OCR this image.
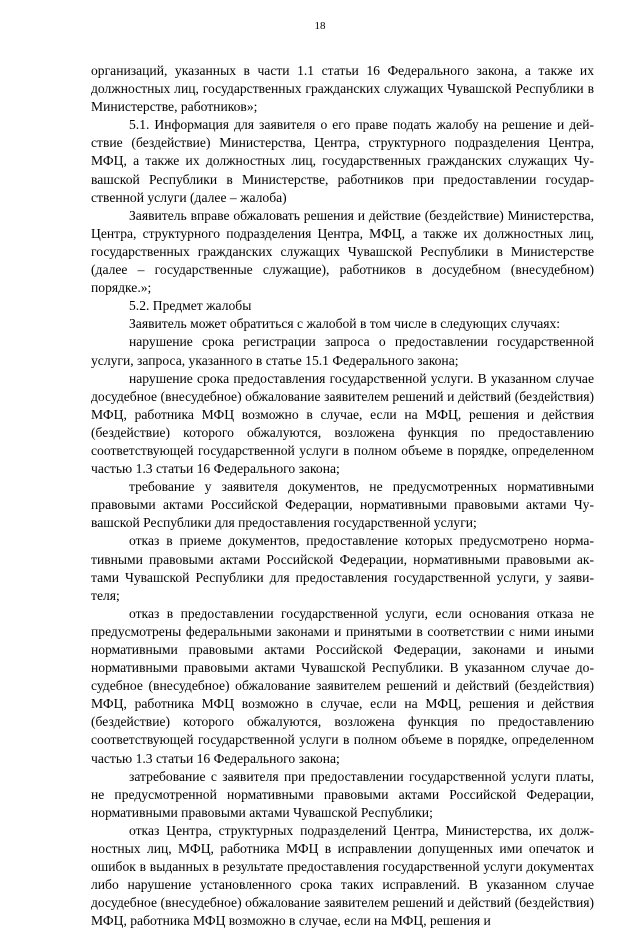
18

организаций, указанных в части 1.1 статьи 16 Федерального закона, а также их должностных лиц, государственных гражданских служащих Чувашской Республики в Министерстве, работников»;

5.1. Информация для заявителя о его праве подать жалобу на решение и действие (бездействие) Министерства, Центра, структурного подразделения Центра, МФЦ, а также их должностных лиц, государственных гражданских служащих Чувашской Республики в Министерстве, работников при предоставлении государственной услуги (далее – жалоба)

Заявитель вправе обжаловать решения и действие (бездействие) Министерства, Центра, структурного подразделения Центра, МФЦ, а также их должностных лиц, государственных гражданских служащих Чувашской Республики в Министерстве (далее – государственные служащие), работников в досудебном (внесудебном) порядке.»;

5.2. Предмет жалобы

Заявитель может обратиться с жалобой в том числе в следующих случаях:

нарушение срока регистрации запроса о предоставлении государственной услуги, запроса, указанного в статье 15.1 Федерального закона;

нарушение срока предоставления государственной услуги. В указанном случае досудебное (внесудебное) обжалование заявителем решений и действий (бездействия) МФЦ, работника МФЦ возможно в случае, если на МФЦ, решения и действия (бездействие) которого обжалуются, возложена функция по предоставлению соответствующей государственной услуги в полном объеме в порядке, определенном частью 1.3 статьи 16 Федерального закона;

требование у заявителя документов, не предусмотренных нормативными правовыми актами Российской Федерации, нормативными правовыми актами Чувашской Республики для предоставления государственной услуги;

отказ в приеме документов, предоставление которых предусмотрено нормативными правовыми актами Российской Федерации, нормативными правовыми актами Чувашской Республики для предоставления государственной услуги, у заявителя;

отказ в предоставлении государственной услуги, если основания отказа не предусмотрены федеральными законами и принятыми в соответствии с ними иными нормативными правовыми актами Российской Федерации, законами и иными нормативными правовыми актами Чувашской Республики. В указанном случае досудебное (внесудебное) обжалование заявителем решений и действий (бездействия) МФЦ, работника МФЦ возможно в случае, если на МФЦ, решения и действия (бездействие) которого обжалуются, возложена функция по предоставлению соответствующей государственной услуги в полном объеме в порядке, определенном частью 1.3 статьи 16 Федерального закона;

затребование с заявителя при предоставлении государственной услуги платы, не предусмотренной нормативными правовыми актами Российской Федерации, нормативными правовыми актами Чувашской Республики;

отказ Центра, структурных подразделений Центра, Министерства, их должностных лиц, МФЦ, работника МФЦ в исправлении допущенных ими опечаток и ошибок в выданных в результате предоставления государственной услуги документах либо нарушение установленного срока таких исправлений. В указанном случае досудебное (внесудебное) обжалование заявителем решений и действий (бездействия) МФЦ, работника МФЦ возможно в случае, если на МФЦ, решения и
